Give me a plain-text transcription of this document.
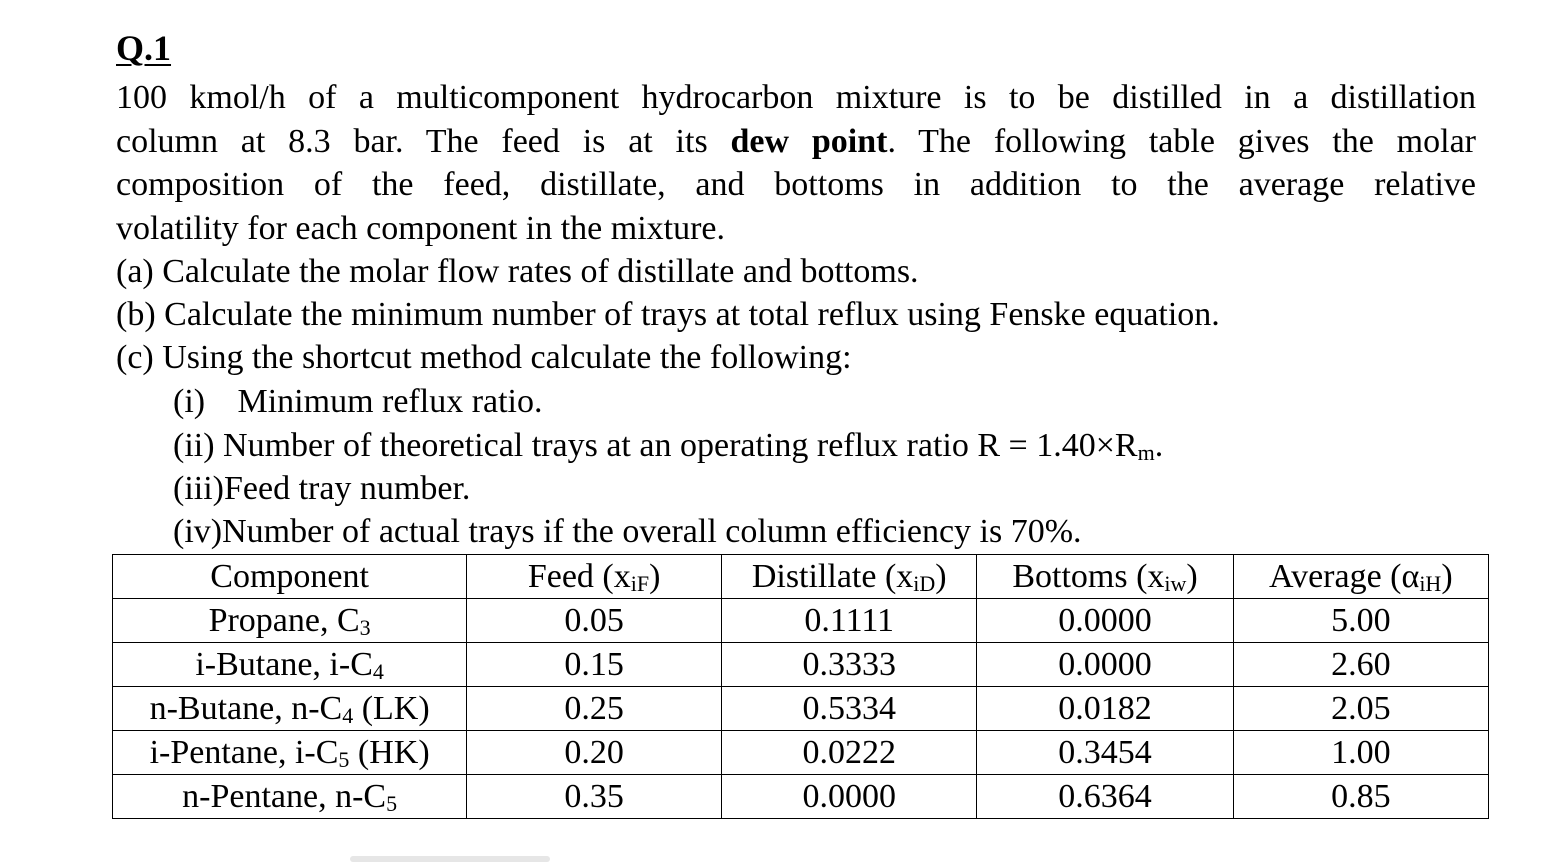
Q.1
100 kmol/h of a multicomponent hydrocarbon mixture is to be distilled in a distillation
column at 8.3 bar. The feed is at its dew point. The following table gives the molar
composition of the feed, distillate, and bottoms in addition to the average relative
volatility for each component in the mixture.
(a) Calculate the molar flow rates of distillate and bottoms.
(b) Calculate the minimum number of trays at total reflux using Fenske equation.
(c) Using the shortcut method calculate the following:
(i) Minimum reflux ratio.
(ii) Number of theoretical trays at an operating reflux ratio $R = 1.40\times R_m$.
(iii)Feed tray number.
(iv)Number of actual trays if the overall column efficiency is 70%.
Component	Feed $(x_{iF})$	Distillate $(x_{iD})$	Bottoms $(x_{iw})$	Average $(\alpha_{iH})$
Propane, $C_3$	0.05	0.1111	0.0000	5.00
i-Butane, $i-C_4$	0.15	0.3333	0.0000	2.60
n-Butane, $n-C_4$ (LK)	0.25	0.5334	0.0182	2.05
i-Pentane, $i-C_5$ (HK)	0.20	0.0222	0.3454	1.00
n-Pentane, $n-C_5$	0.35	0.0000	0.6364	0.85
